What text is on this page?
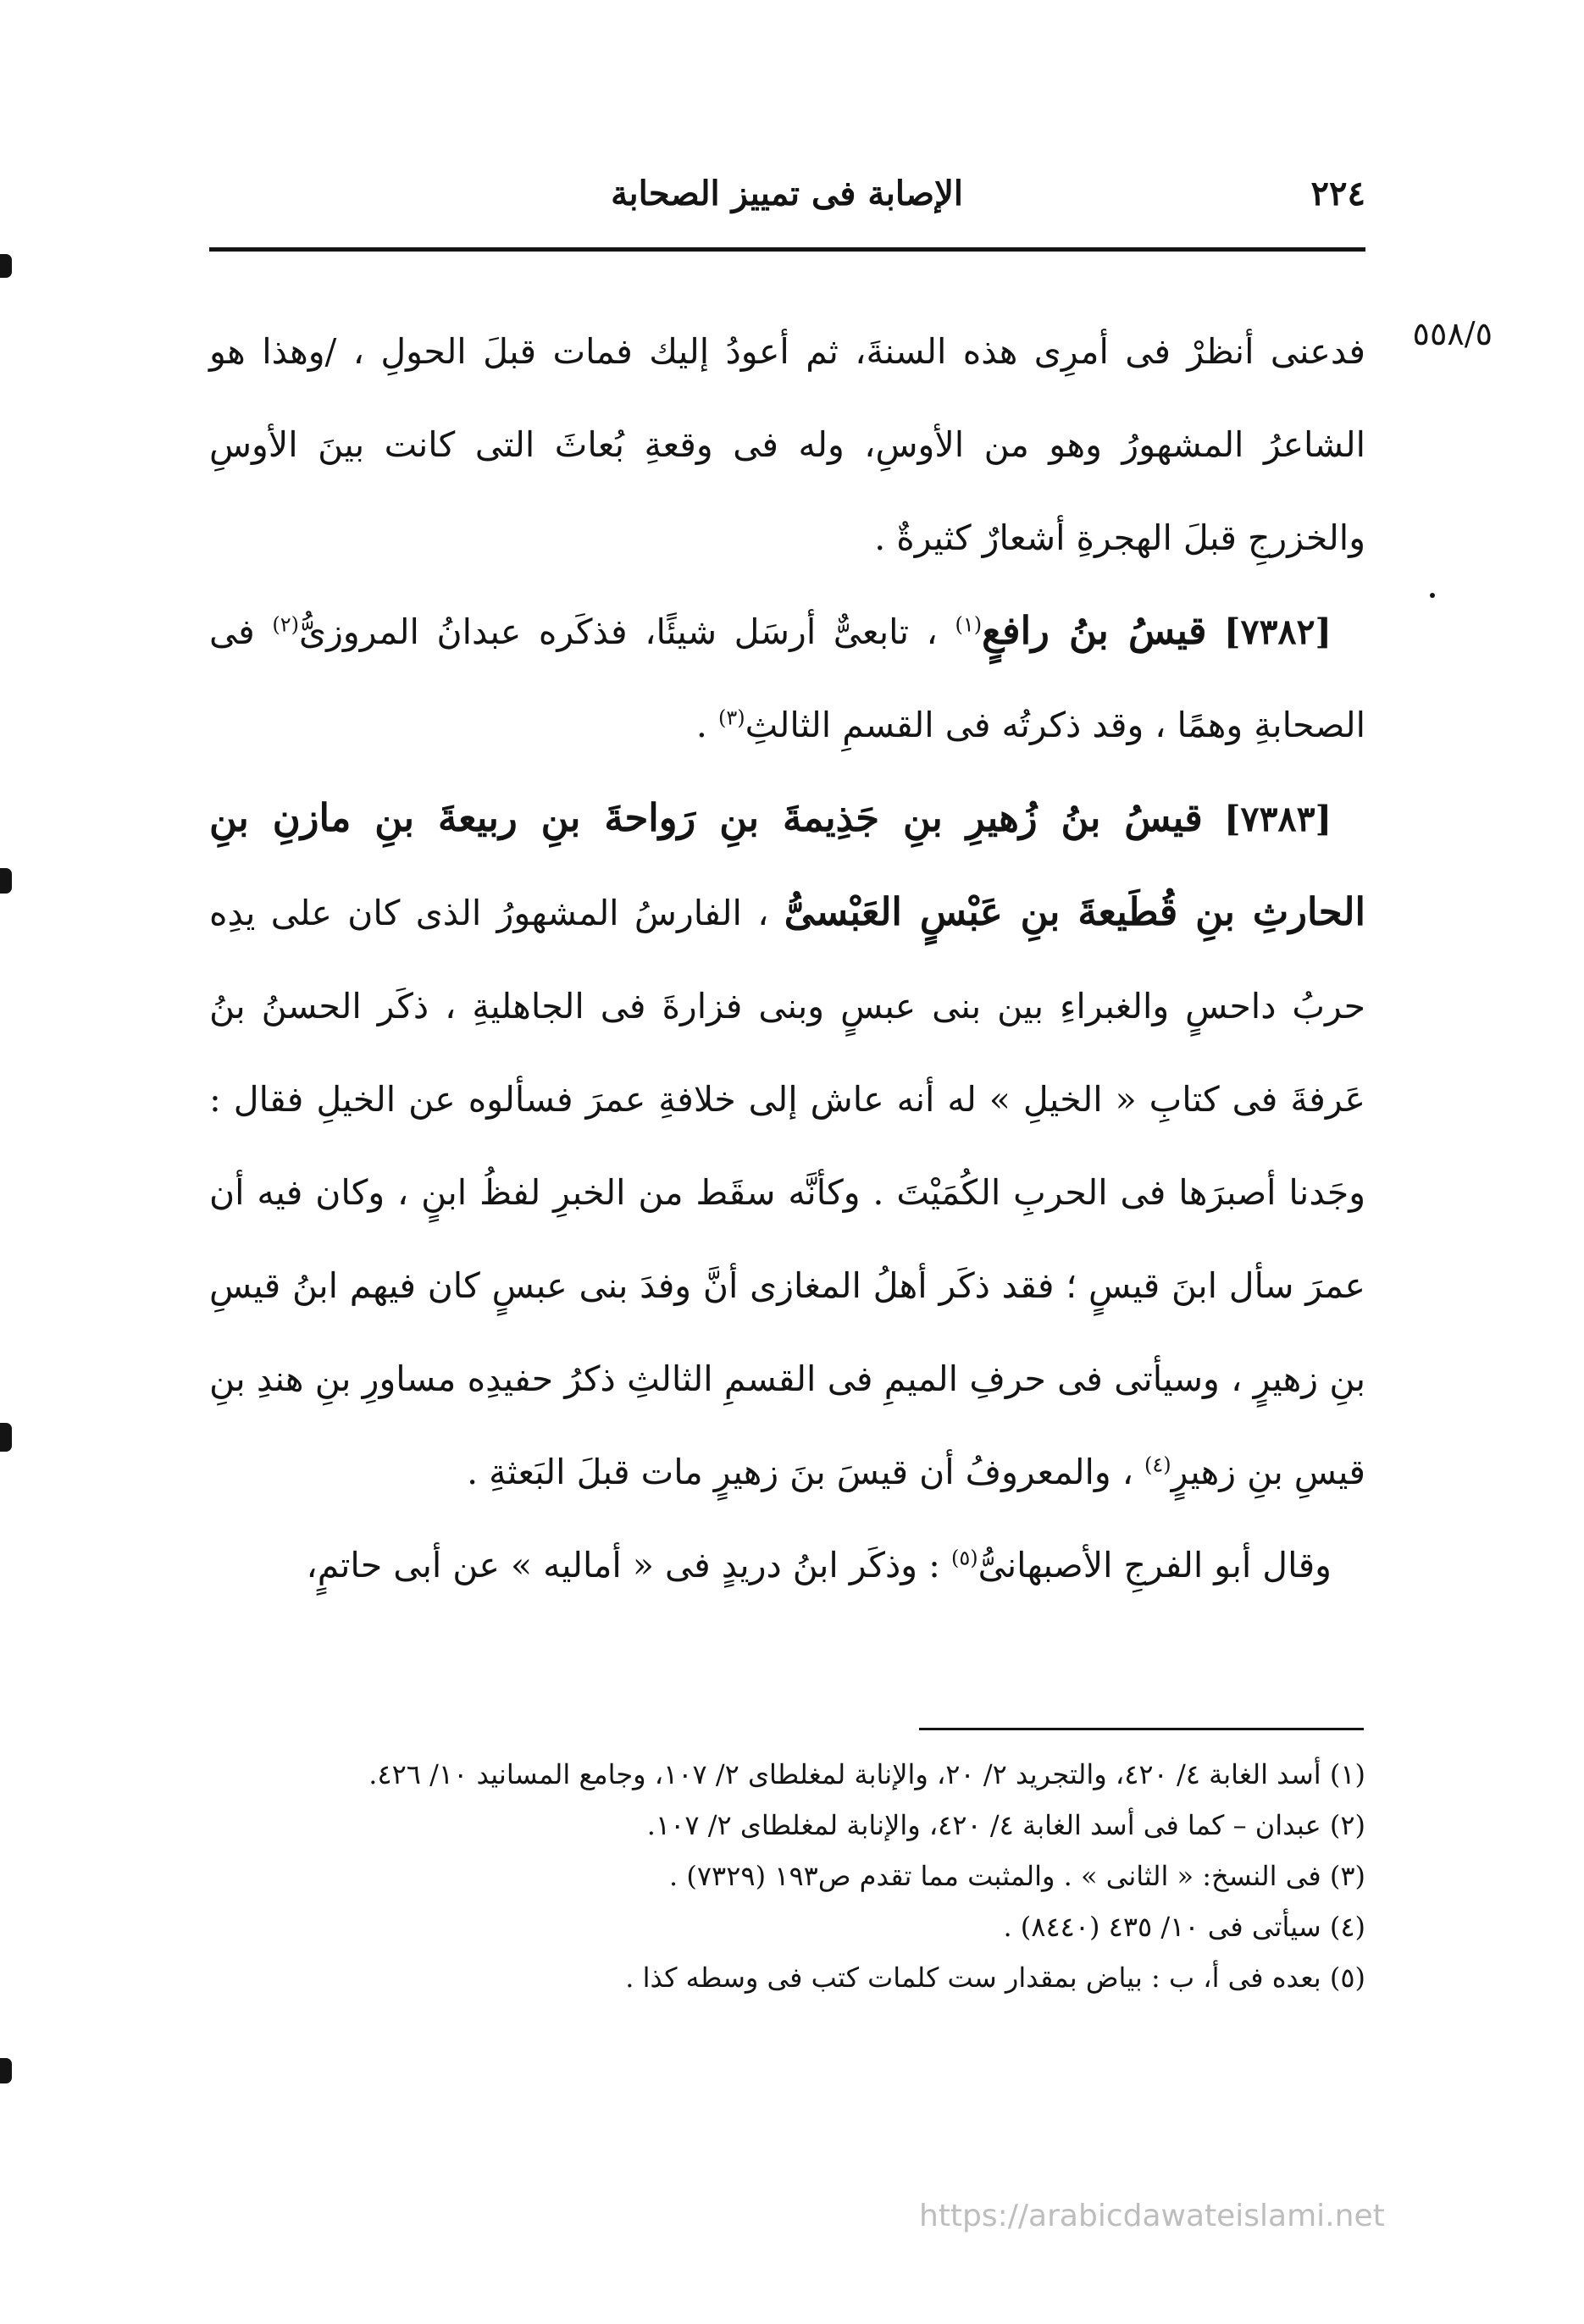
٢٢٤
الإصابة فى تمييز الصحابة
٥٥٨/٥

فدعنى أنظرْ فى أمرِى هذه السنةَ، ثم أعودُ إليك فمات قبلَ الحولِ ، /وهذا هو الشاعرُ المشهورُ وهو من الأوسِ، وله فى وقعةِ بُعاثَ التى كانت بينَ الأوسِ والخزرجِ قبلَ الهجرةِ أشعارٌ كثيرةٌ .

[٧٣٨٢] قيسُ بنُ رافعٍ$^{(١)}$ ، تابعىٌّ أرسَل شيئًا، فذكَره عبدانُ المروزىُّ$^{(٢)}$ فى الصحابةِ وهمًا ، وقد ذكرتُه فى القسمِ الثالثِ$^{(٣)}$ .

[٧٣٨٣] قيسُ بنُ زُهيرِ بنِ جَذِيمةَ بنِ رَواحةَ بنِ ربيعةَ بنِ مازنِ بنِ الحارثِ بنِ قُطَيعةَ بنِ عَبْسٍ العَبْسىُّ ، الفارسُ المشهورُ الذى كان على يدِه حربُ داحسٍ والغبراءِ بين بنى عبسٍ وبنى فزارةَ فى الجاهليةِ ، ذكَر الحسنُ بنُ عَرفةَ فى كتابِ « الخيلِ » له أنه عاش إلى خلافةِ عمرَ فسألوه عن الخيلِ فقال : وجَدنا أصبرَها فى الحربِ الكُمَيْتَ . وكأنَّه سقَط من الخبرِ لفظُ ابنٍ ، وكان فيه أن عمرَ سأل ابنَ قيسٍ ؛ فقد ذكَر أهلُ المغازى أنَّ وفدَ بنى عبسٍ كان فيهم ابنُ قيسِ بنِ زهيرٍ ، وسيأتى فى حرفِ الميمِ فى القسمِ الثالثِ ذكرُ حفيدِه مساورِ بنِ هندِ بنِ قيسِ بنِ زهيرٍ$^{(٤)}$ ، والمعروفُ أن قيسَ بنَ زهيرٍ مات قبلَ البَعثةِ .

وقال أبو الفرجِ الأصبهانىُّ$^{(٥)}$ : وذكَر ابنُ دريدٍ فى « أماليه » عن أبى حاتمٍ،

(١) أسد الغابة ٤/ ٤٢٠، والتجريد ٢/ ٢٠، والإنابة لمغلطاى ٢/ ١٠٧، وجامع المسانيد ١٠/ ٤٢٦.

(٢) عبدان – كما فى أسد الغابة ٤/ ٤٢٠، والإنابة لمغلطاى ٢/ ١٠٧.

(٣) فى النسخ: « الثانى » . والمثبت مما تقدم ص١٩٣ (٧٣٢٩) .

(٤) سيأتى فى ١٠/ ٤٣٥ (٨٤٤٠) .

(٥) بعده فى أ، ب : بياض بمقدار ست كلمات كتب فى وسطه كذا .

https://arabicdawateislami.net
